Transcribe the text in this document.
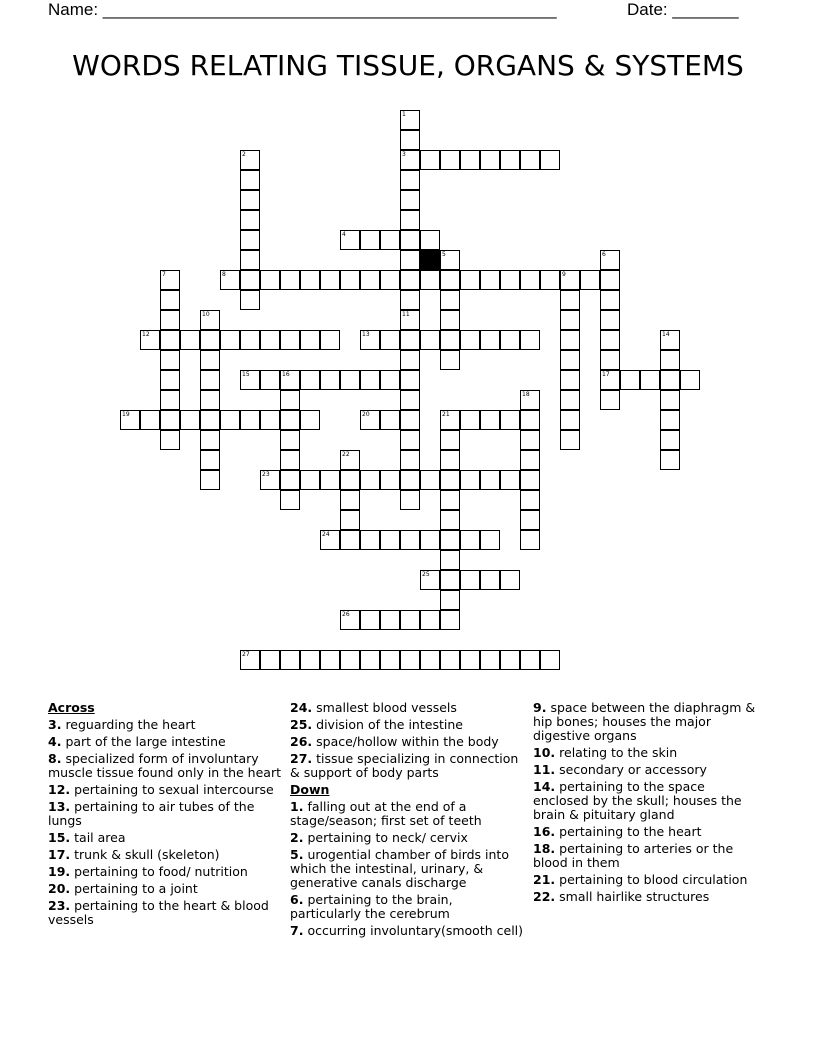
Name: ________________________________________________	Date: _______
WORDS RELATING TISSUE, ORGANS & SYSTEMS
1
3
11
2
4
5	6
17
8	9
7
10
12	13	14
15	16
18
19	20	21
22
23
24
25
26
27
Across
3. reguarding the heart
4. part of the large intestine
8. specialized form of involuntary muscle tissue found only in the heart
12. pertaining to sexual intercourse
13. pertaining to air tubes of the lungs
15. tail area
17. trunk & skull (skeleton)
19. pertaining to food/ nutrition
20. pertaining to a joint
23. pertaining to the heart & blood vessels
24. smallest blood vessels
25. division of the intestine
26. space/hollow within the body
27. tissue specializing in connection & support of body parts
Down
1. falling out at the end of a stage/season; first set of teeth
2. pertaining to neck/ cervix
5. urogential chamber of birds into which the intestinal, urinary, & generative canals discharge
6. pertaining to the brain, particularly the cerebrum
7. occurring involuntary(smooth cell)
9. space between the diaphragm & hip bones; houses the major digestive organs
10. relating to the skin
11. secondary or accessory
14. pertaining to the space enclosed by the skull; houses the brain & pituitary gland
16. pertaining to the heart
18. pertaining to arteries or the blood in them
21. pertaining to blood circulation
22. small hairlike structures
